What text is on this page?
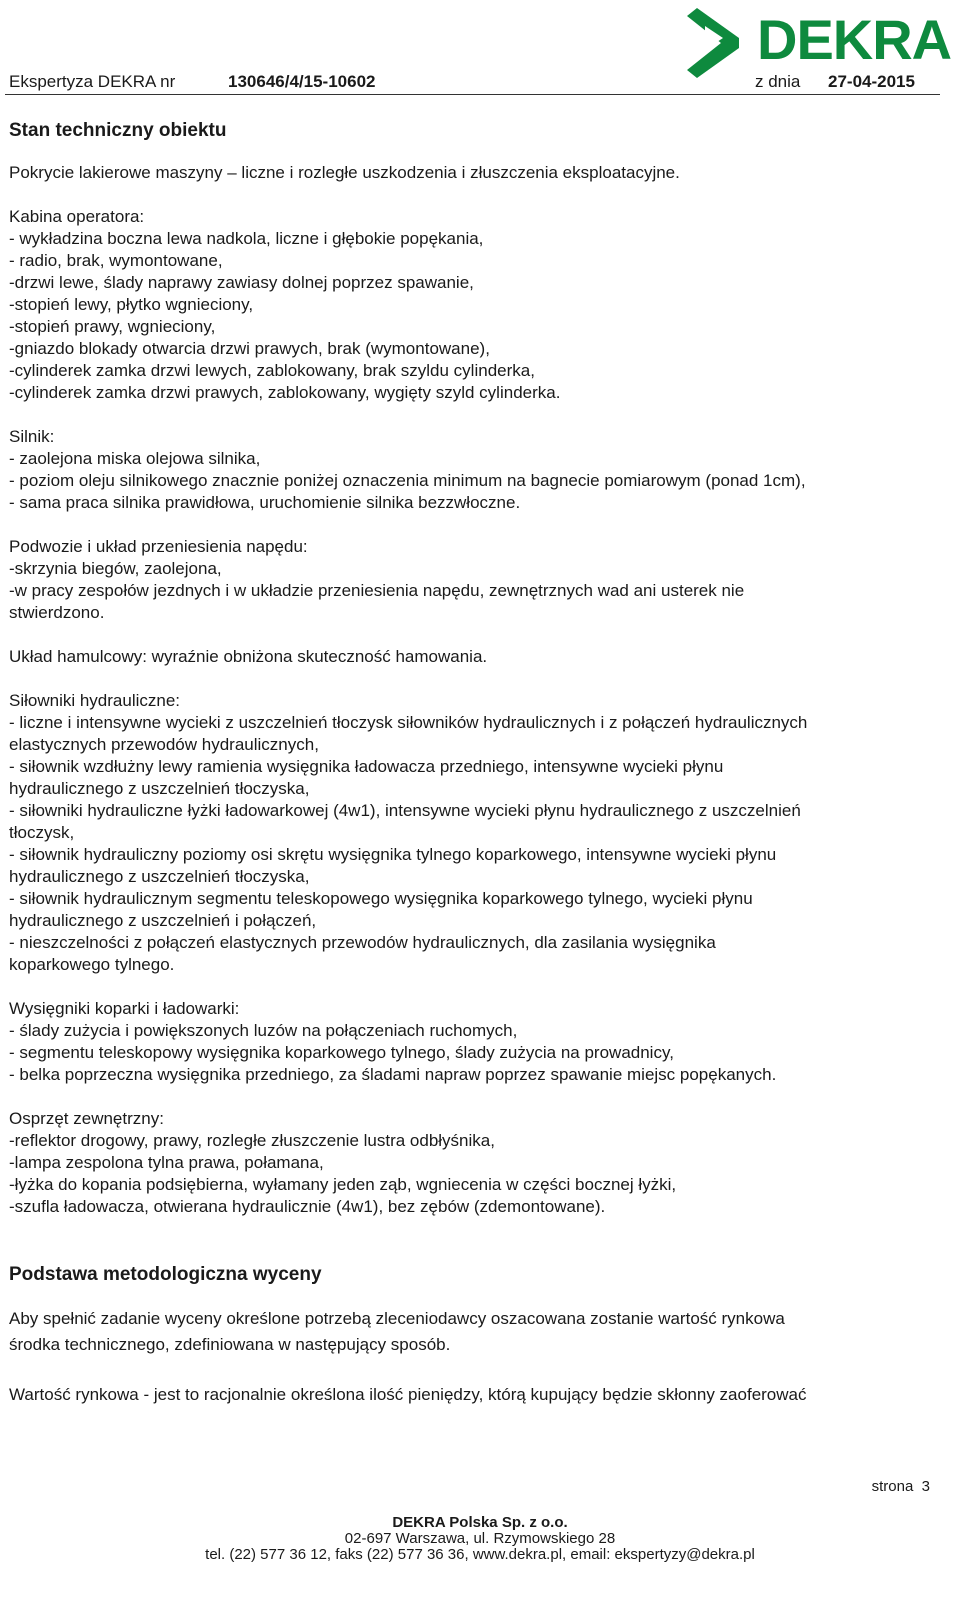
Ekspertyza DEKRA nr	130646/4/15-10602	z dnia 27-04-2015
DEKRA
Stan techniczny obiektu
Pokrycie lakierowe maszyny – liczne i rozległe uszkodzenia i złuszczenia eksploatacyjne.
Kabina operatora:
- wykładzina boczna lewa nadkola, liczne i głębokie popękania,
- radio, brak, wymontowane,
-drzwi lewe, ślady naprawy zawiasy dolnej poprzez spawanie,
-stopień lewy, płytko wgnieciony,
-stopień prawy, wgnieciony,
-gniazdo blokady otwarcia drzwi prawych, brak (wymontowane),
-cylinderek zamka drzwi lewych, zablokowany, brak szyldu cylinderka,
-cylinderek zamka drzwi prawych, zablokowany, wygięty szyld cylinderka.
Silnik:
- zaolejona miska olejowa silnika,
- poziom oleju silnikowego znacznie poniżej oznaczenia minimum na bagnecie pomiarowym (ponad 1cm),
- sama praca silnika prawidłowa, uruchomienie silnika bezzwłoczne.
Podwozie i układ przeniesienia napędu:
-skrzynia biegów, zaolejona,
-w pracy zespołów jezdnych i w układzie przeniesienia napędu, zewnętrznych wad ani usterek nie
stwierdzono.
Układ hamulcowy: wyraźnie obniżona skuteczność hamowania.
Siłowniki hydrauliczne:
- liczne i intensywne wycieki z uszczelnień tłoczysk siłowników hydraulicznych i z połączeń hydraulicznych
elastycznych przewodów hydraulicznych,
- siłownik wzdłużny lewy ramienia wysięgnika ładowacza przedniego, intensywne wycieki płynu
hydraulicznego z uszczelnień tłoczyska,
- siłowniki hydrauliczne łyżki ładowarkowej (4w1), intensywne wycieki płynu hydraulicznego z uszczelnień
tłoczysk,
- siłownik hydrauliczny poziomy osi skrętu wysięgnika tylnego koparkowego, intensywne wycieki płynu
hydraulicznego z uszczelnień tłoczyska,
- siłownik hydraulicznym segmentu teleskopowego wysięgnika koparkowego tylnego, wycieki płynu
hydraulicznego z uszczelnień i połączeń,
- nieszczelności z połączeń elastycznych przewodów hydraulicznych, dla zasilania wysięgnika
koparkowego tylnego.
Wysięgniki koparki i ładowarki:
- ślady zużycia i powiększonych luzów na połączeniach ruchomych,
- segmentu teleskopowy wysięgnika koparkowego tylnego, ślady zużycia na prowadnicy,
- belka poprzeczna wysięgnika przedniego, za śladami napraw poprzez spawanie miejsc popękanych.
Osprzęt zewnętrzny:
-reflektor drogowy, prawy, rozległe złuszczenie lustra odbłyśnika,
-lampa zespolona tylna prawa, połamana,
-łyżka do kopania podsiębierna, wyłamany jeden ząb, wgniecenia w części bocznej łyżki,
-szufla ładowacza, otwierana hydraulicznie (4w1), bez zębów (zdemontowane).
Podstawa metodologiczna wyceny
Aby spełnić zadanie wyceny określone potrzebą zleceniodawcy oszacowana zostanie wartość rynkowa
środka technicznego, zdefiniowana w następujący sposób.
Wartość rynkowa - jest to racjonalnie określona ilość pieniędzy, którą kupujący będzie skłonny zaoferować
strona 3
DEKRA Polska Sp. z o.o.
02-697 Warszawa, ul. Rzymowskiego 28
tel. (22) 577 36 12, faks (22) 577 36 36, www.dekra.pl, email: ekspertyzy@dekra.pl
